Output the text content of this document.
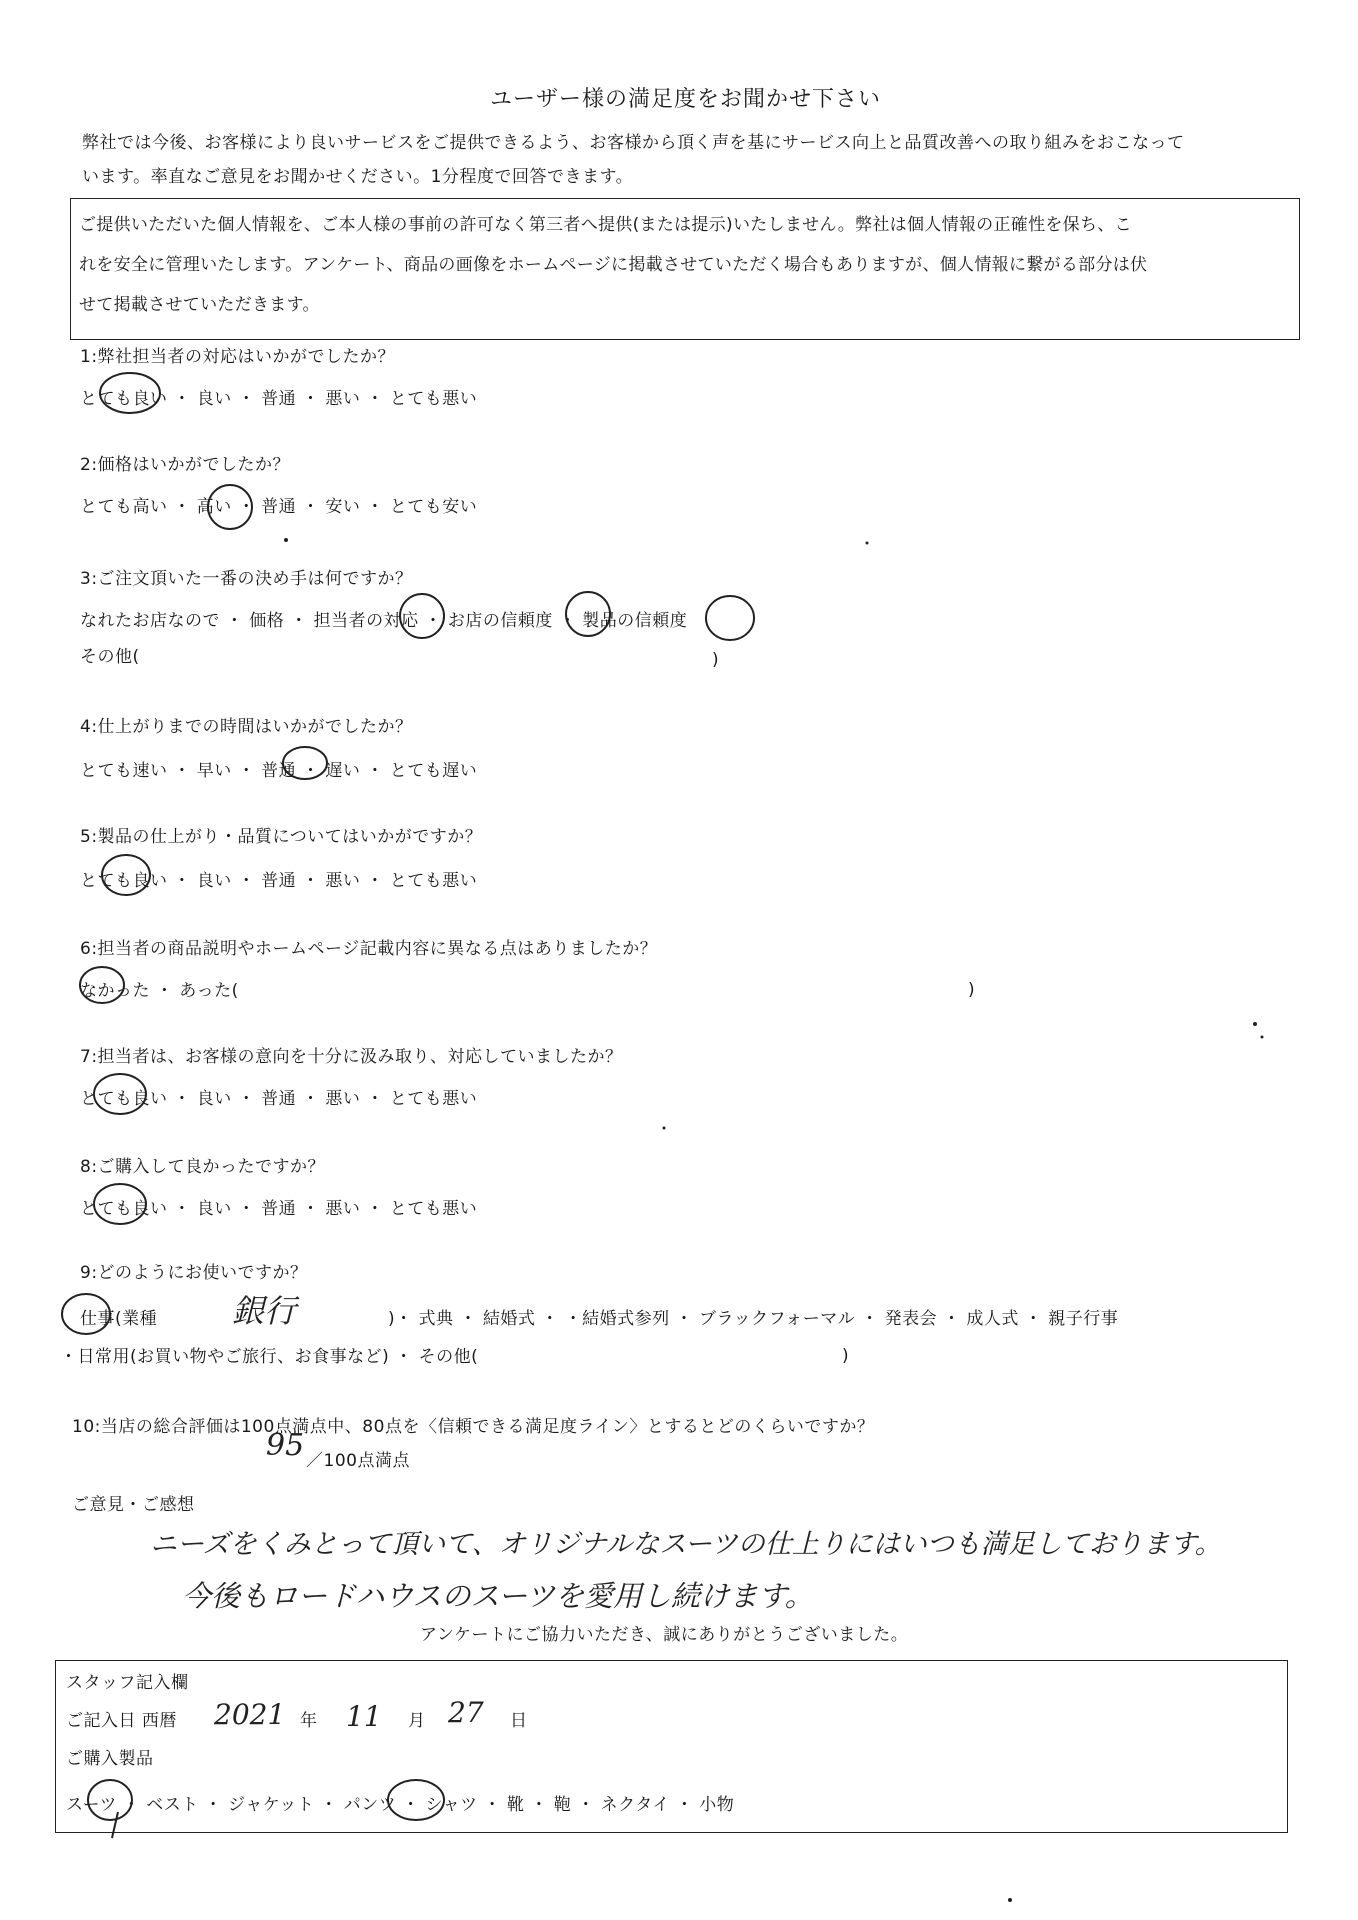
ユーザー様の満足度をお聞かせ下さい
弊社では今後、お客様により良いサービスをご提供できるよう、お客様から頂く声を基にサービス向上と品質改善への取り組みをおこなって
います。率直なご意見をお聞かせください。1分程度で回答できます。
ご提供いただいた個人情報を、ご本人様の事前の許可なく第三者へ提供(または提示)いたしません。弊社は個人情報の正確性を保ち、こ
れを安全に管理いたします。アンケート、商品の画像をホームページに掲載させていただく場合もありますが、個人情報に繋がる部分は伏
せて掲載させていただきます。
1:弊社担当者の対応はいかがでしたか？
とても良い ・ 良い ・ 普通 ・ 悪い ・ とても悪い
2:価格はいかがでしたか？
とても高い ・ 高い ・ 普通 ・ 安い ・ とても安い
3:ご注文頂いた一番の決め手は何ですか？
なれたお店なので ・ 価格 ・ 担当者の対応 ・ お店の信頼度 ・ 製品の信頼度
その他(	)
4:仕上がりまでの時間はいかがでしたか？
とても速い ・ 早い ・ 普通 ・ 遅い ・ とても遅い
5:製品の仕上がり・品質についてはいかがですか？
とても良い ・ 良い ・ 普通 ・ 悪い ・ とても悪い
6:担当者の商品説明やホームページ記載内容に異なる点はありましたか？
なかった ・ あった(	)
7:担当者は、お客様の意向を十分に汲み取り、対応していましたか？
とても良い ・ 良い ・ 普通 ・ 悪い ・ とても悪い
8:ご購入して良かったですか？
とても良い ・ 良い ・ 普通 ・ 悪い ・ とても悪い
9:どのようにお使いですか？
仕事(業種 銀行	)・ 式典 ・ 結婚式 ・ ・結婚式参列 ・ ブラックフォーマル ・ 発表会 ・ 成人式 ・ 親子行事
・日常用(お買い物やご旅行、お食事など) ・ その他(	)
10:当店の総合評価は100点満点中、80点を〈信頼できる満足度ライン〉とするとどのくらいですか？
95 ／100点満点
ご意見・ご感想
ニーズをくみとって頂いて、オリジナルなスーツの仕上りにはいつも満足しております。
今後もロードハウスのスーツを愛用し続けます。
アンケートにご協力いただき、誠にありがとうございました。
スタッフ記入欄
ご記入日 西暦 2021 年 11 月 27 日
ご購入製品
スーツ ・ ベスト ・ ジャケット ・ パンツ ・ シャツ ・ 靴 ・ 鞄 ・ ネクタイ ・ 小物
